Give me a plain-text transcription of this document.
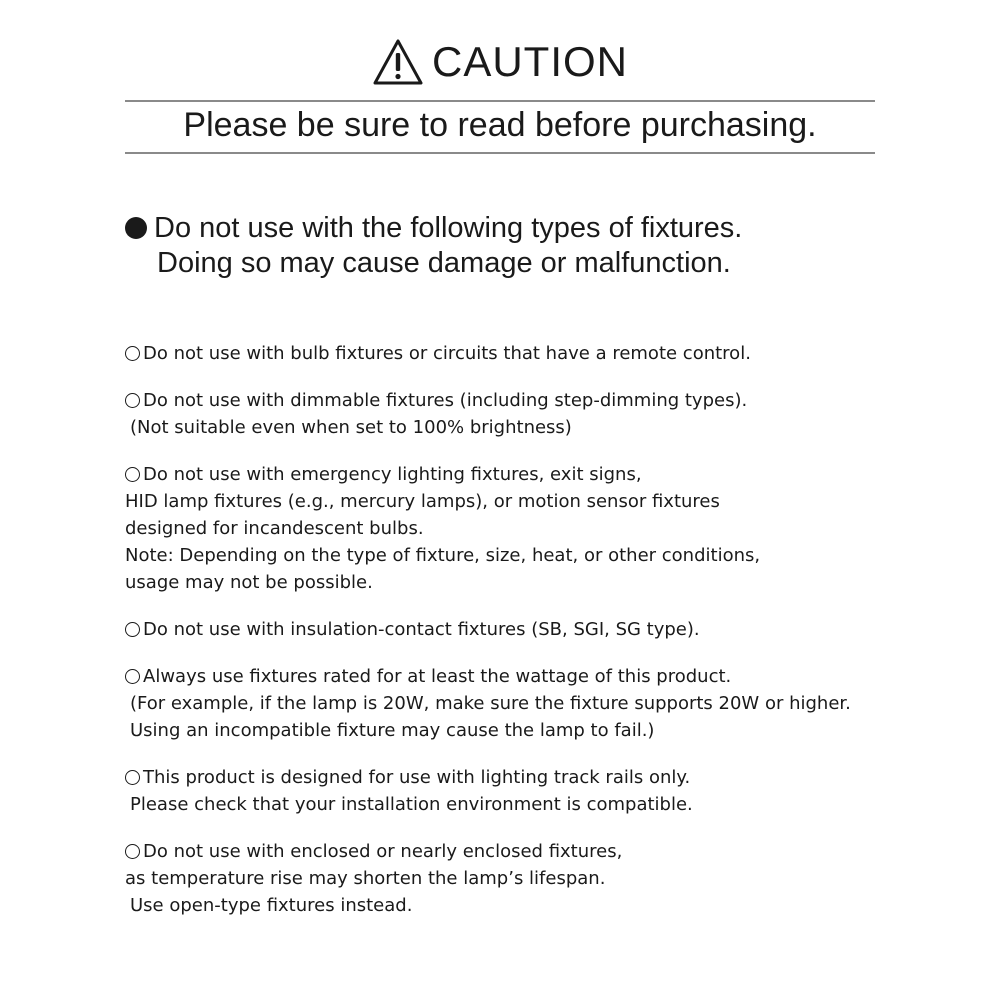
CAUTION
Please be sure to read before purchasing.
Do not use with the following types of fixtures.
Doing so may cause damage or malfunction.
Do not use with bulb fixtures or circuits that have a remote control.
Do not use with dimmable fixtures (including step-dimming types).
(Not suitable even when set to 100% brightness)
Do not use with emergency lighting fixtures, exit signs,
HID lamp fixtures (e.g., mercury lamps), or motion sensor fixtures
designed for incandescent bulbs.
Note: Depending on the type of fixture, size, heat, or other conditions,
usage may not be possible.
Do not use with insulation-contact fixtures (SB, SGI, SG type).
Always use fixtures rated for at least the wattage of this product.
(For example, if the lamp is 20W, make sure the fixture supports 20W or higher.
Using an incompatible fixture may cause the lamp to fail.)
This product is designed for use with lighting track rails only.
Please check that your installation environment is compatible.
Do not use with enclosed or nearly enclosed fixtures,
as temperature rise may shorten the lamp’s lifespan.
Use open-type fixtures instead.
